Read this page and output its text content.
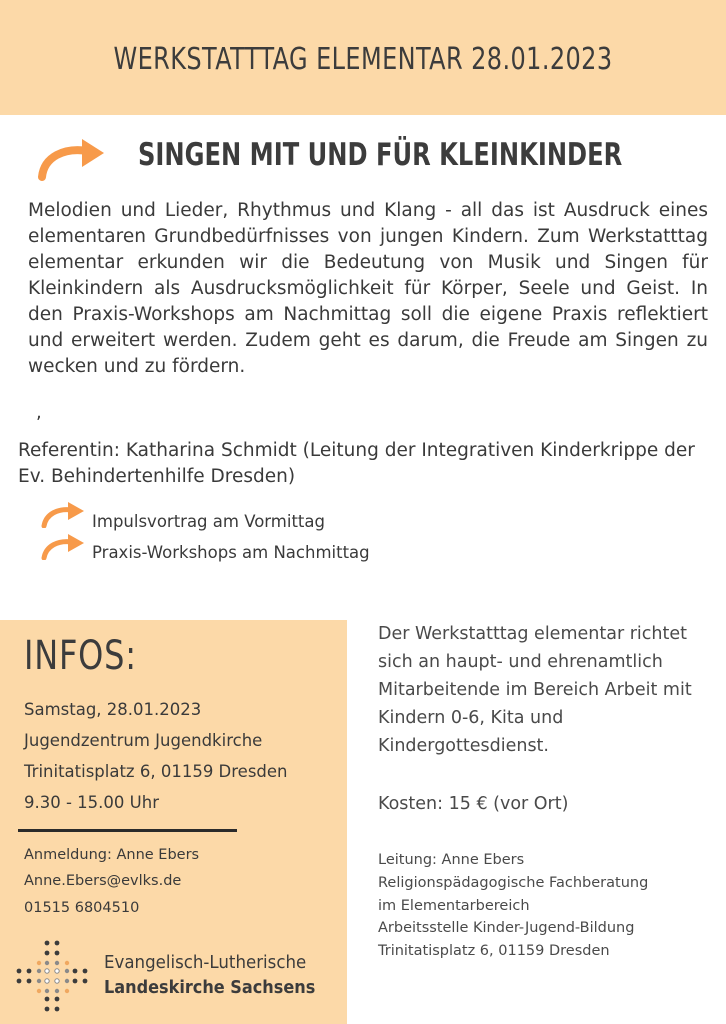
WERKSTATTTAG ELEMENTAR 28.01.2023
SINGEN MIT UND FÜR KLEINKINDER
Melodien und Lieder, Rhythmus und Klang - all das ist Ausdruck eines elementaren Grundbedürfnisses von jungen Kindern. Zum Werkstatttag elementar erkunden wir die Bedeutung von Musik und Singen für Kleinkindern als Ausdrucksmöglichkeit für Körper, Seele und Geist. In den Praxis-Workshops am Nachmittag soll die eigene Praxis reflektiert und erweitert werden. Zudem geht es darum, die Freude am Singen zu wecken und zu fördern.
,
Referentin: Katharina Schmidt (Leitung der Integrativen Kinderkrippe der Ev. Behindertenhilfe Dresden)
Impulsvortrag am Vormittag
Praxis-Workshops am Nachmittag
INFOS:
Samstag, 28.01.2023
Jugendzentrum Jugendkirche
Trinitatisplatz 6, 01159 Dresden
9.30 - 15.00 Uhr
Anmeldung: Anne Ebers
Anne.Ebers@evlks.de
01515 6804510
Evangelisch-Lutherische
Landeskirche Sachsens
Der Werkstatttag elementar richtet sich an haupt- und ehrenamtlich Mitarbeitende im Bereich Arbeit mit Kindern 0-6, Kita und Kindergottesdienst.
Kosten: 15 € (vor Ort)
Leitung: Anne Ebers
Religionspädagogische Fachberatung
im Elementarbereich
Arbeitsstelle Kinder-Jugend-Bildung
Trinitatisplatz 6, 01159 Dresden
